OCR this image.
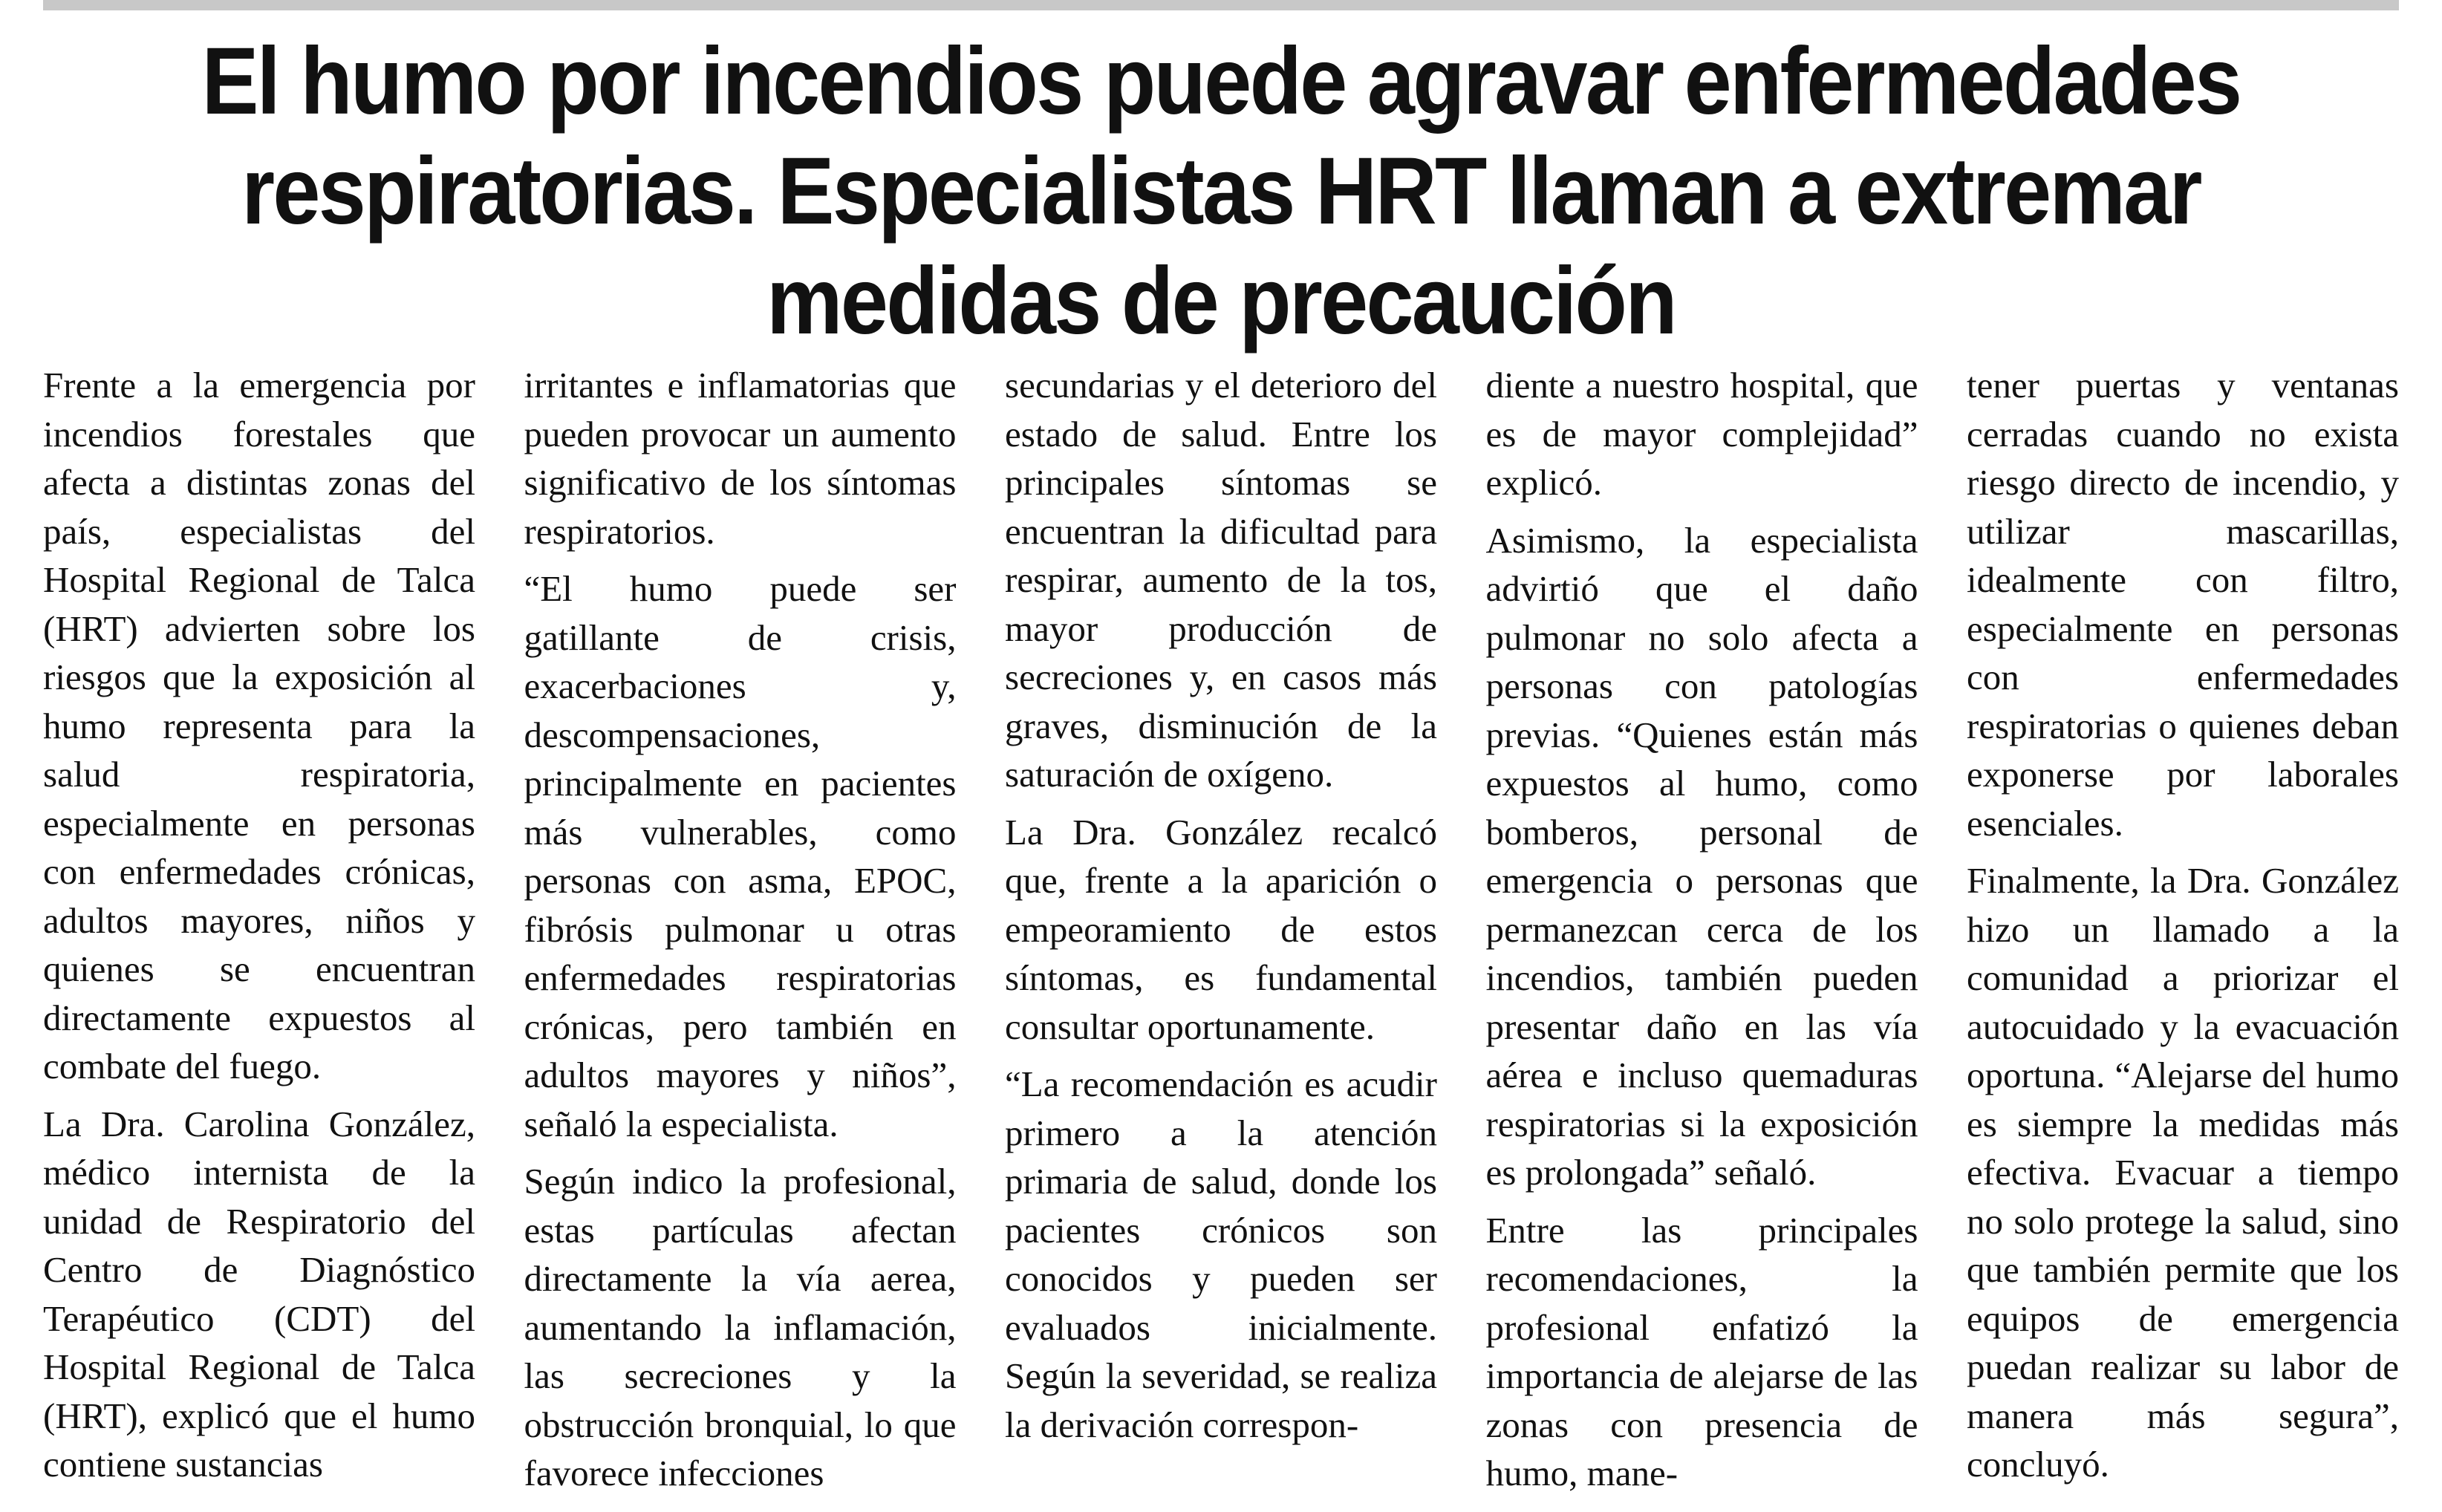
El humo por incendios puede agravar enfermedades respiratorias. Especialistas HRT llaman a extremar medidas de precaución

Frente a la emergencia por incendios forestales que afecta a distintas zonas del país, especialistas del Hospital Regional de Talca (HRT) advierten sobre los riesgos que la exposición al humo representa para la salud respiratoria, especialmente en personas con enfermedades crónicas, adultos mayores, niños y quienes se encuentran directamente expuestos al combate del fuego.

La Dra. Carolina González, médico internista de la unidad de Respiratorio del Centro de Diagnóstico Terapéutico (CDT) del Hospital Regional de Talca (HRT), explicó que el humo contiene sustancias

irritantes e inflamatorias que pueden provocar un aumento significativo de los síntomas respiratorios.

“El humo puede ser gatillante de crisis, exacerbaciones y, descompensaciones, principalmente en pacientes más vulnerables, como personas con asma, EPOC, fibrósis pulmonar u otras enfermedades respiratorias crónicas, pero también en adultos mayores y niños”, señaló la especialista.

Según indico la profesional, estas partículas afectan directamente la vía aerea, aumentando la inflamación, las secreciones y la obstrucción bronquial, lo que favorece infecciones

secundarias y el deterioro del estado de salud. Entre los principales síntomas se encuentran la dificultad para respirar, aumento de la tos, mayor producción de secreciones y, en casos más graves, disminución de la saturación de oxígeno.

La Dra. González recalcó que, frente a la aparición o empeoramiento de estos síntomas, es fundamental consultar oportunamente.

“La recomendación es acudir primero a la atención primaria de salud, donde los pacientes crónicos son conocidos y pueden ser evaluados inicialmente. Según la severidad, se realiza la derivación correspon-

diente a nuestro hospital, que es de mayor complejidad” explicó.

Asimismo, la especialista advirtió que el daño pulmonar no solo afecta a personas con patologías previas. “Quienes están más expuestos al humo, como bomberos, personal de emergencia o personas que permanezcan cerca de los incendios, también pueden presentar daño en las vía aérea e incluso quemaduras respiratorias si la exposición es prolongada” señaló.

Entre las principales recomendaciones, la profesional enfatizó la importancia de alejarse de las zonas con presencia de humo, mane-

tener puertas y ventanas cerradas cuando no exista riesgo directo de incendio, y utilizar mascarillas, idealmente con filtro, especialmente en personas con enfermedades respiratorias o quienes deban exponerse por laborales esenciales.

Finalmente, la Dra. González hizo un llamado a la comunidad a priorizar el autocuidado y la evacuación oportuna. “Alejarse del humo es siempre la medidas más efectiva. Evacuar a tiempo no solo protege la salud, sino que también permite que los equipos de emergencia puedan realizar su labor de manera más segura”, concluyó.
